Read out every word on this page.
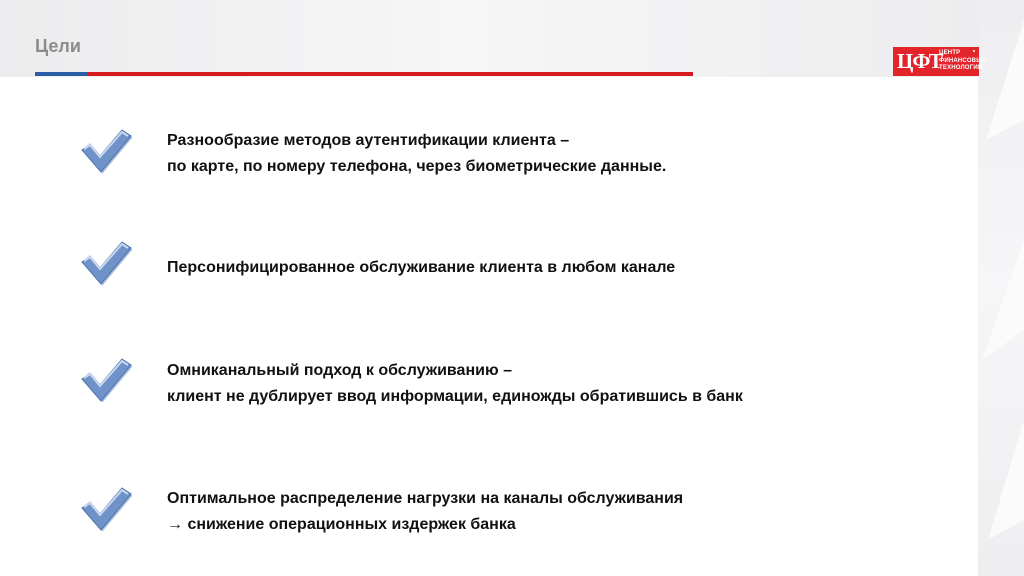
Цели
ЦФТ
ЦЕНТР
ФИНАНСОВЫХ
ТЕХНОЛОГИЙ
Разнообразие методов аутентификации клиента –
по карте, по номеру телефона, через биометрические данные.
Персонифицированное обслуживание клиента в любом канале
Омниканальный подход к обслуживанию –
клиент не дублирует ввод информации, единожды обратившись в банк
Оптимальное распределение нагрузки на каналы обслуживания
→ снижение операционных издержек банка
